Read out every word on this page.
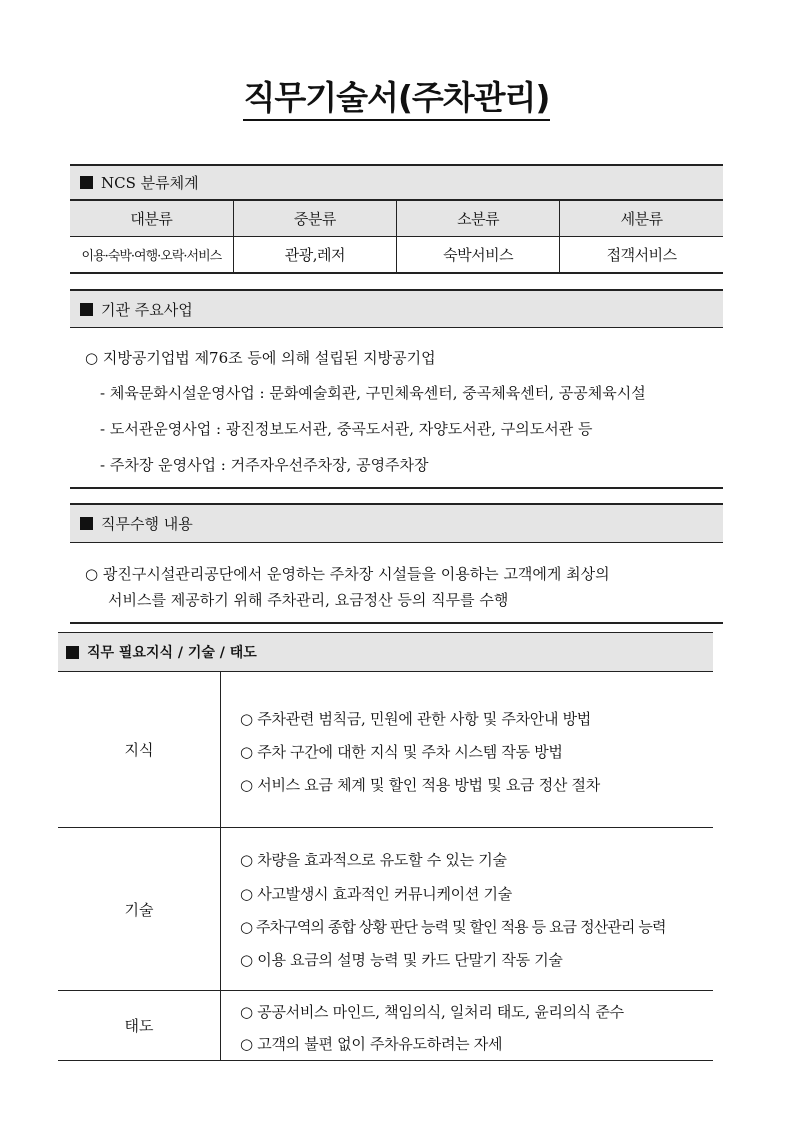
직무기술서(주차관리)
NCS 분류체계
대분류	중분류	소분류	세분류
이용·숙박·여행·오락·서비스	관광,레저	숙박서비스	접객서비스
기관 주요사업
○ 지방공기업법 제76조 등에 의해 설립된 지방공기업
- 체육문화시설운영사업 : 문화예술회관, 구민체육센터, 중곡체육센터, 공공체육시설
- 도서관운영사업 : 광진정보도서관, 중곡도서관, 자양도서관, 구의도서관 등
- 주차장 운영사업 : 거주자우선주차장, 공영주차장
직무수행 내용
○ 광진구시설관리공단에서 운영하는 주차장 시설들을 이용하는 고객에게 최상의
서비스를 제공하기 위해 주차관리, 요금정산 등의 직무를 수행
직무 필요지식 / 기술 / 태도
지식
○ 주차관련 범칙금, 민원에 관한 사항 및 주차안내 방법
○ 주차 구간에 대한 지식 및 주차 시스템 작동 방법
○ 서비스 요금 체계 및 할인 적용 방법 및 요금 정산 절차
기술
○ 차량을 효과적으로 유도할 수 있는 기술
○ 사고발생시 효과적인 커뮤니케이션 기술
○ 주차구역의 종합 상황 판단 능력 및 할인 적용 등 요금 정산관리 능력
○ 이용 요금의 설명 능력 및 카드 단말기 작동 기술
태도
○ 공공서비스 마인드, 책임의식, 일처리 태도, 윤리의식 준수
○ 고객의 불편 없이 주차유도하려는 자세
